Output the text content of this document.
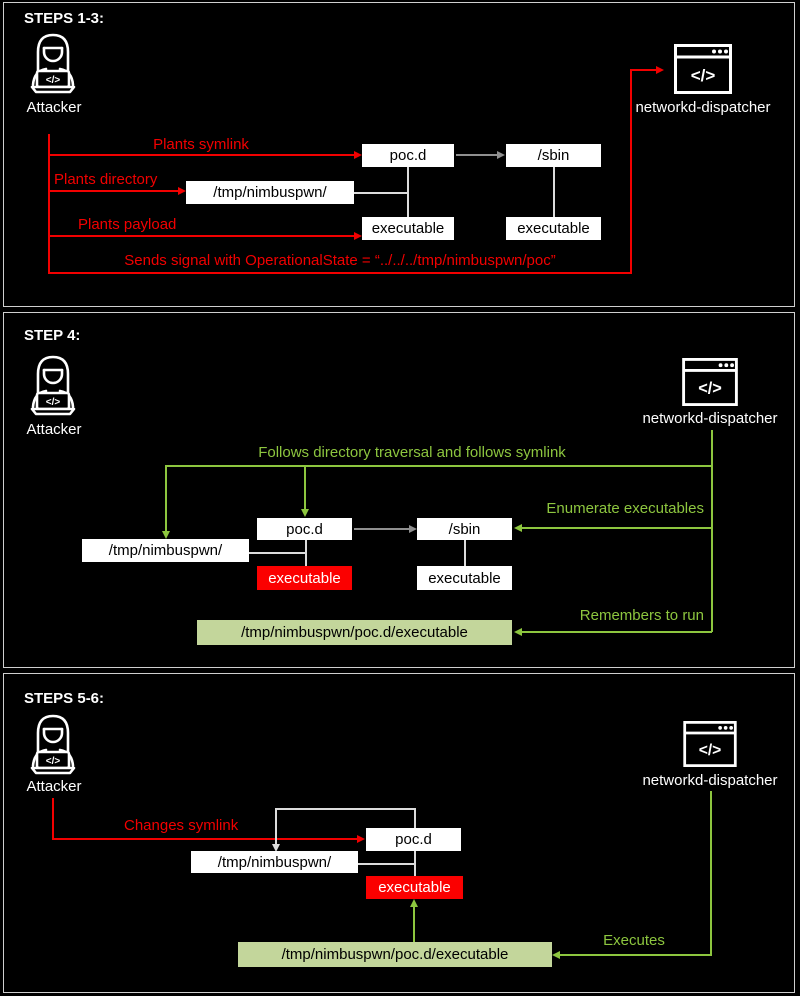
STEPS 1-3:
</>
Attacker
</>
networkd-dispatcher
Plants symlink
Plants directory
Plants payload
Sends signal with OperationalState = “../../../tmp/nimbuspwn/poc”
poc.d	/sbin
/tmp/nimbuspwn/
executable	executable
STEP 4:
</>
Attacker
</>
networkd-dispatcher
Follows directory traversal and follows symlink
Enumerate executables
poc.d	/sbin
/tmp/nimbuspwn/
executable	executable
/tmp/nimbuspwn/poc.d/executable
Remembers to run
STEPS 5-6:
</>
Attacker
</>
networkd-dispatcher
Changes symlink
poc.d
/tmp/nimbuspwn/
executable
Executes
/tmp/nimbuspwn/poc.d/executable
